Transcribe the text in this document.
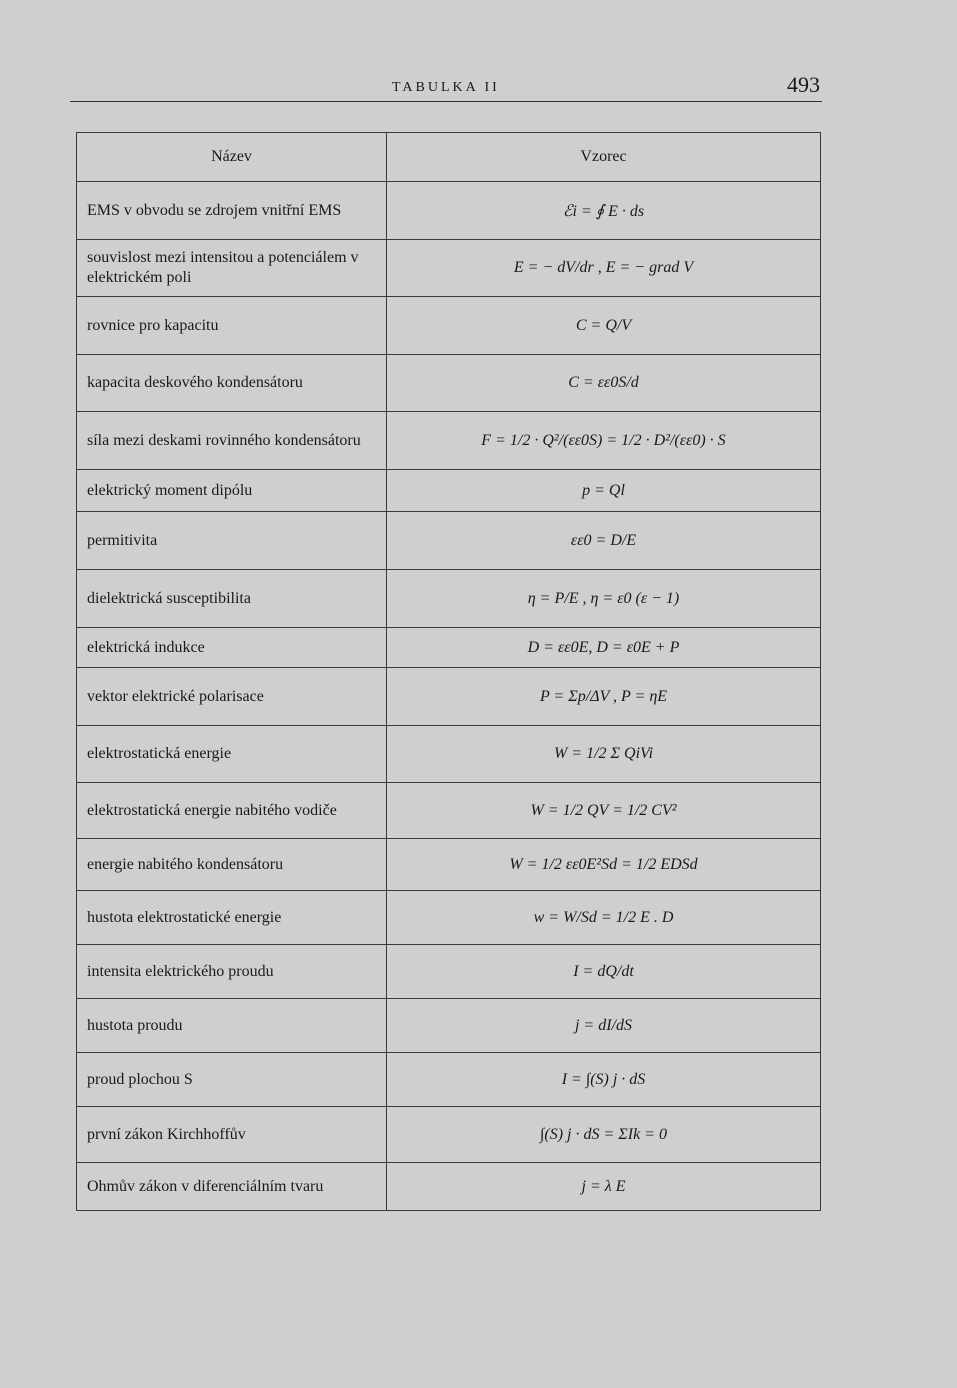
TABULKA II	493
Název	Vzorec
EMS v obvodu se zdrojem vnitřní EMS	ℰi = ∮ E · ds
souvislost mezi intensitou a potenciálem v elektrickém poli	E = − dV/dr , E = − grad V
rovnice pro kapacitu	C = Q/V
kapacita deskového kondensátoru	C = εε0S/d
síla mezi deskami rovinného kondensátoru	F = 1/2 · Q²/(εε0S) = 1/2 · D²/(εε0) · S
elektrický moment dipólu	p = Ql
permitivita	εε0 = D/E
dielektrická susceptibilita	η = P/E , η = ε0 (ε − 1)
elektrická indukce	D = εε0E, D = ε0E + P
vektor elektrické polarisace	P = Σp/ΔV , P = ηE
elektrostatická energie	W = 1/2 Σ QiVi
elektrostatická energie nabitého vodiče	W = 1/2 QV = 1/2 CV²
energie nabitého kondensátoru	W = 1/2 εε0E²Sd = 1/2 EDSd
hustota elektrostatické energie	w = W/Sd = 1/2 E . D
intensita elektrického proudu	I = dQ/dt
hustota proudu	j = dI/dS
proud plochou S	I = ∫(S) j · dS
první zákon Kirchhoffův	∫(S) j · dS = ΣIk = 0
Ohmův zákon v diferenciálním tvaru	j = λ E
